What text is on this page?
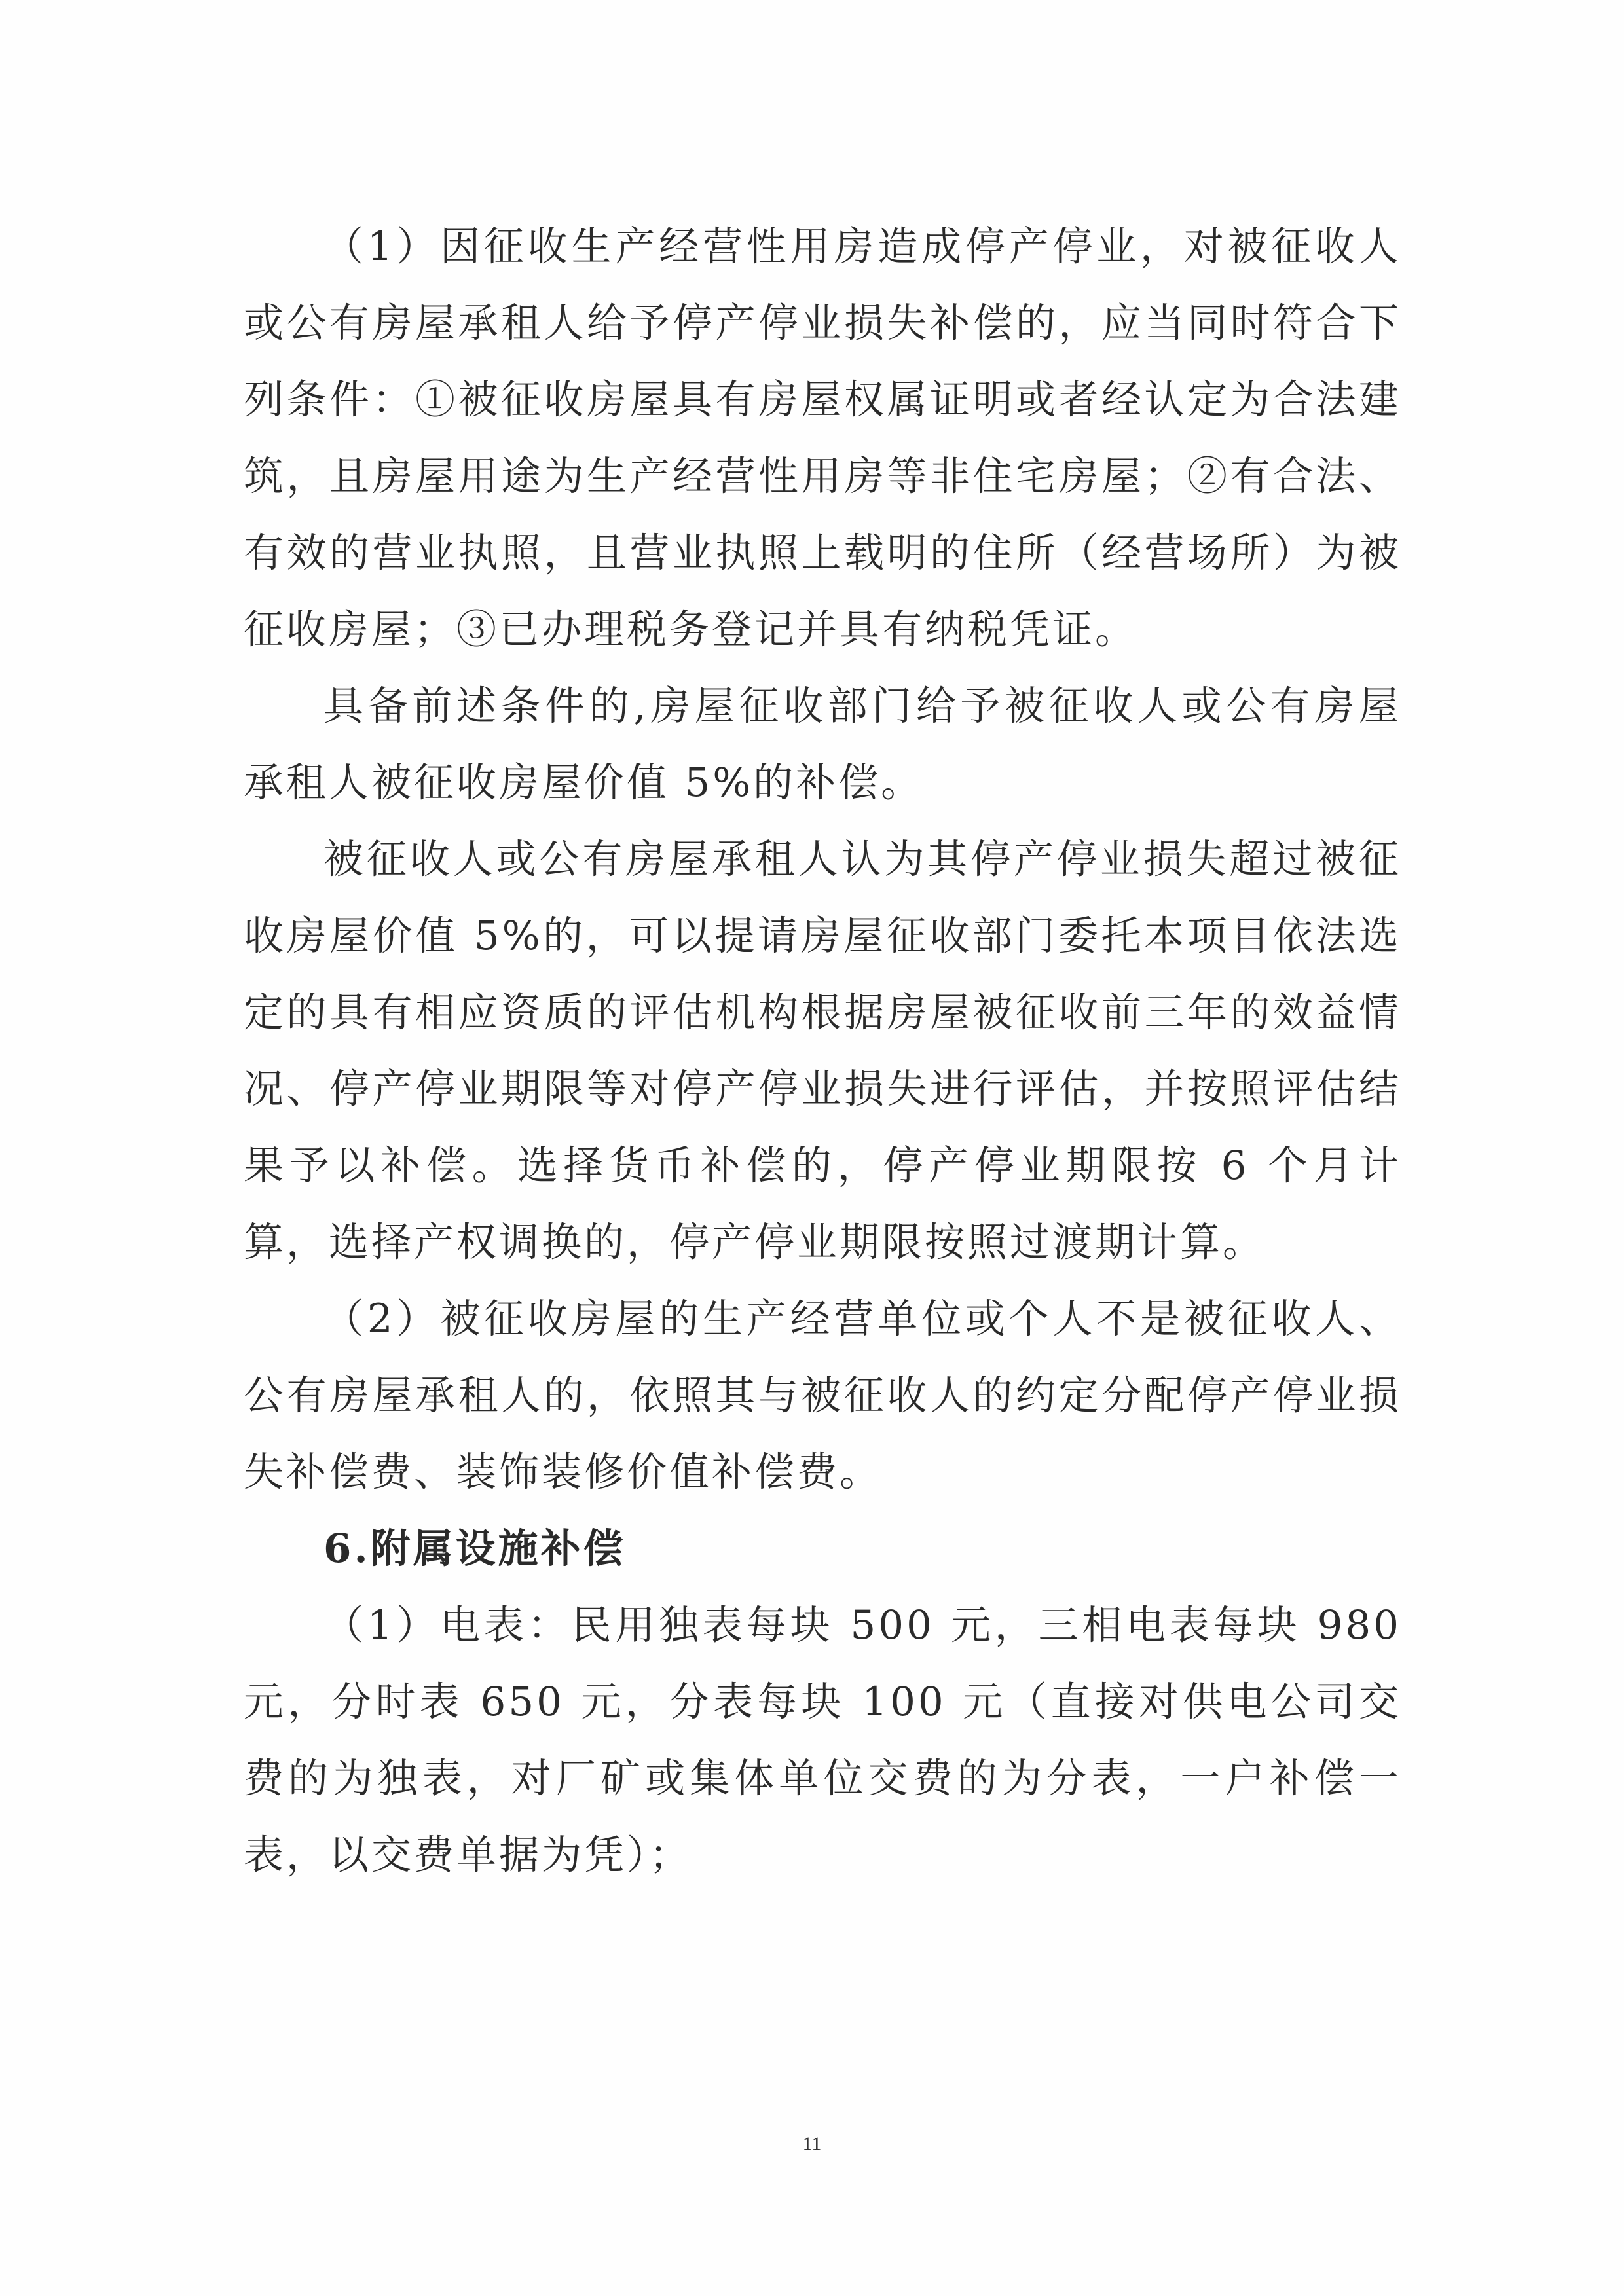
（1）因征收生产经营性用房造成停产停业，对被征收人或公有房屋承租人给予停产停业损失补偿的，应当同时符合下列条件：①被征收房屋具有房屋权属证明或者经认定为合法建筑，且房屋用途为生产经营性用房等非住宅房屋；②有合法、有效的营业执照，且营业执照上载明的住所（经营场所）为被征收房屋；③已办理税务登记并具有纳税凭证。

具备前述条件的,房屋征收部门给予被征收人或公有房屋承租人被征收房屋价值 5%的补偿。

被征收人或公有房屋承租人认为其停产停业损失超过被征收房屋价值 5%的，可以提请房屋征收部门委托本项目依法选定的具有相应资质的评估机构根据房屋被征收前三年的效益情况、停产停业期限等对停产停业损失进行评估，并按照评估结果予以补偿。选择货币补偿的，停产停业期限按 6 个月计算，选择产权调换的，停产停业期限按照过渡期计算。

（2）被征收房屋的生产经营单位或个人不是被征收人、公有房屋承租人的，依照其与被征收人的约定分配停产停业损失补偿费、装饰装修价值补偿费。

6.附属设施补偿

（1）电表：民用独表每块 500 元，三相电表每块 980 元，分时表 650 元，分表每块 100 元（直接对供电公司交费的为独表，对厂矿或集体单位交费的为分表，一户补偿一表，以交费单据为凭）；

11
